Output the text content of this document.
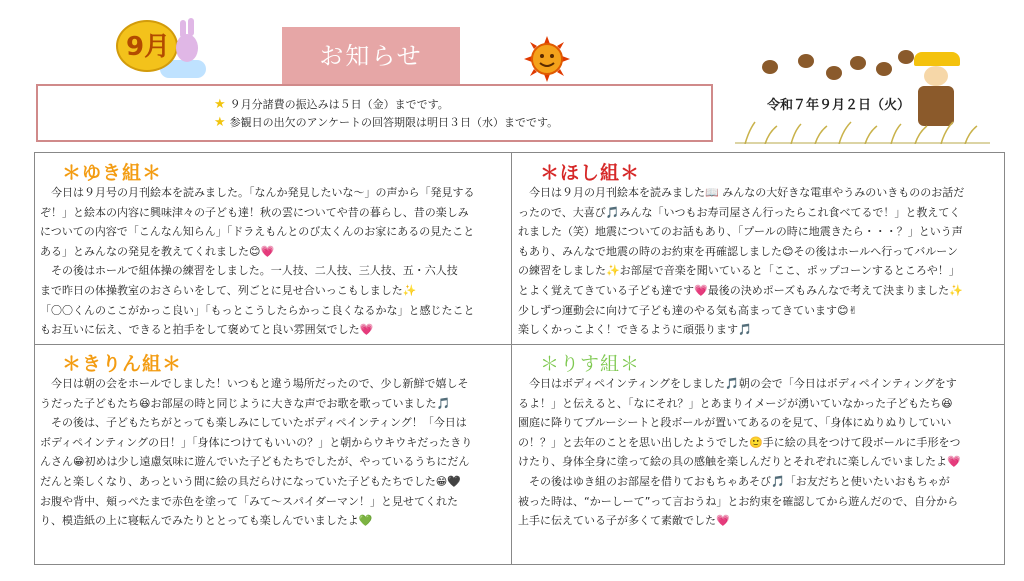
9月	お知らせ
★ ９月分諸費の振込みは５日（金）までです。
★ 参観日の出欠のアンケートの回答期限は明日３日（水）までです。
令和７年９月２日（火）
＊ゆき組＊
今日は９月号の月刊絵本を読みました。「なんか発見したいな～」の声から「発見する
ぞ！」と絵本の内容に興味津々の子ども達！秋の雲についてや昔の暮らし、昔の楽しみ
についての内容で「こんなん知らん」「ドラえもんとのび太くんのお家にあるの見たこと
ある」とみんなの発見を教えてくれました😊💗
その後はホールで組体操の練習をしました。一人技、二人技、三人技、五・六人技
まで昨日の体操教室のおさらいをして、列ごとに見せ合いっこもしました✨
「〇〇くんのここがかっこ良い」「もっとこうしたらかっこ良くなるかな」と感じたこと
もお互いに伝え、できると拍手をして褒めてと良い雰囲気でした💗
＊ほし組＊
今日は９月の月刊絵本を読みました📖 みんなの大好きな電車やうみのいきもののお話だ
ったので、大喜び🎵みんな「いつもお寿司屋さん行ったらこれ食べてるで！」と教えてく
れました（笑）地震についてのお話もあり、「プールの時に地震きたら・・・？」という声
もあり、みんなで地震の時のお約束を再確認しました😊その後はホールへ行ってバルーン
の練習をしました✨お部屋で音楽を聞いていると「ここ、ポップコーンするところや！」
とよく覚えてきている子ども達です💗最後の決めポーズもみんなで考えて決まりました✨
少しずつ運動会に向けて子ども達のやる気も高まってきています😊✌
楽しくかっこよく！できるように頑張ります🎵
＊きりん組＊
今日は朝の会をホールでしました！いつもと違う場所だったので、少し新鮮で嬉しそ
うだった子どもたち😆お部屋の時と同じように大きな声でお歌を歌っていました🎵
その後は、子どもたちがとっても楽しみにしていたボディペインティング！「今日は
ボディペインティングの日！」「身体につけてもいいの？」と朝からウキウキだったきり
んさん😁初めは少し遠慮気味に遊んでいた子どもたちでしたが、やっているうちにだん
だんと楽しくなり、あっという間に絵の具だらけになっていた子どもたちでした😁🖤
お腹や背中、頬っぺたまで赤色を塗って「みて～スパイダーマン！」と見せてくれた
り、模造紙の上に寝転んでみたりととっても楽しんでいましたよ💚
＊りす組＊
今日はボディペインティングをしました🎵朝の会で「今日はボディペインティングをす
るよ！」と伝えると、「なにそれ？」とあまりイメージが湧いていなかった子どもたち😆
園庭に降りてブルーシートと段ボールが置いてあるのを見て、「身体にぬりぬりしていい
の！？」と去年のことを思い出したようでした🙂手に絵の具をつけて段ボールに手形をつ
けたり、身体全身に塗って絵の具の感触を楽しんだりとそれぞれに楽しんでいましたよ💗
その後はゆき組のお部屋を借りておもちゃあそび🎵「お友だちと使いたいおもちゃが
被った時は、“かーしーて”って言おうね」とお約束を確認してから遊んだので、自分から
上手に伝えている子が多くて素敵でした💗
